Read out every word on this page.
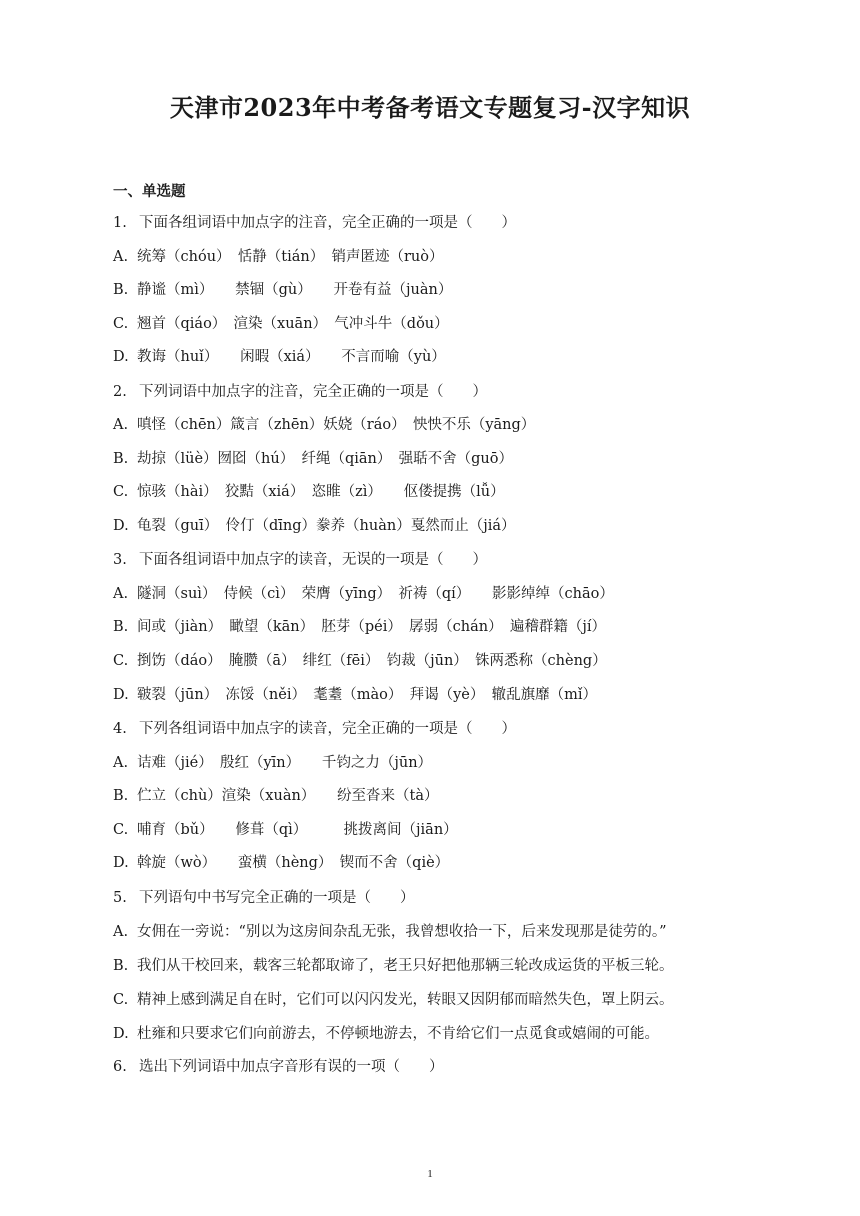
天津市2023年中考备考语文专题复习-汉字知识
一、单选题
1. 下面各组词语中加点字的注音，完全正确的一项是（　　）
A. 统筹（chóu）　恬静（tián）　销声匿迹（ruò）
B. 静谧（mì）　　禁锢（gù）　　开卷有益（juàn）
C. 翘首（qiáo）　渲染（xuān）　气冲斗牛（dǒu）
D. 教诲（huǐ）　　闲暇（xiá）　　不言而喻（yù）
2. 下列词语中加点字的注音，完全正确的一项是（　　）
A. 嗔怪（chēn）箴言（zhēn）妖娆（ráo）　怏怏不乐（yāng）
B. 劫掠（lüè）囫囵（hú）　纤绳（qiān）　强聒不舍（guō）
C. 惊骇（hài）　狡黠（xiá）　恣睢（zì）　　伛偻提携（lǚ）
D. 龟裂（guī）　伶仃（dīng）豢养（huàn）戛然而止（jiá）
3. 下面各组词语中加点字的读音，无误的一项是（　　）
A. 隧洞（suì）　侍候（cì）　荣膺（yīng）　祈祷（qí）　　影影绰绰（chāo）
B. 间或（jiàn）　瞰望（kān）　胚芽（péi）　孱弱（chán）　遍稽群籍（jí）
C. 捯饬（dáo）　腌臜（ā）　绯红（fēi）　钧裁（jūn）　铢两悉称（chèng）
D. 皲裂（jūn）　冻馁（něi）　耄耋（mào）　拜谒（yè）　辙乱旗靡（mǐ）
4. 下列各组词语中加点字的读音，完全正确的一项是（　　）
A. 诘难（jié）　殷红（yīn）　　千钧之力（jūn）
B. 伫立（chù）渲染（xuàn）　　纷至沓来（tà）
C. 哺育（bǔ）　　修葺（qì）　　　挑拨离间（jiān）
D. 斡旋（wò）　　蛮横（hèng）　锲而不舍（qiè）
5. 下列语句中书写完全正确的一项是（　　）
A. 女佣在一旁说：“别以为这房间杂乱无张，我曾想收拾一下，后来发现那是徒劳的。”
B. 我们从干校回来，载客三轮都取谛了，老王只好把他那辆三轮改成运货的平板三轮。
C. 精神上感到满足自在时，它们可以闪闪发光，转眼又因阴郁而暗然失色，罩上阴云。
D. 杜雍和只要求它们向前游去，不停顿地游去，不肯给它们一点觅食或嬉闹的可能。
6. 选出下列词语中加点字音形有误的一项（　　）
1
